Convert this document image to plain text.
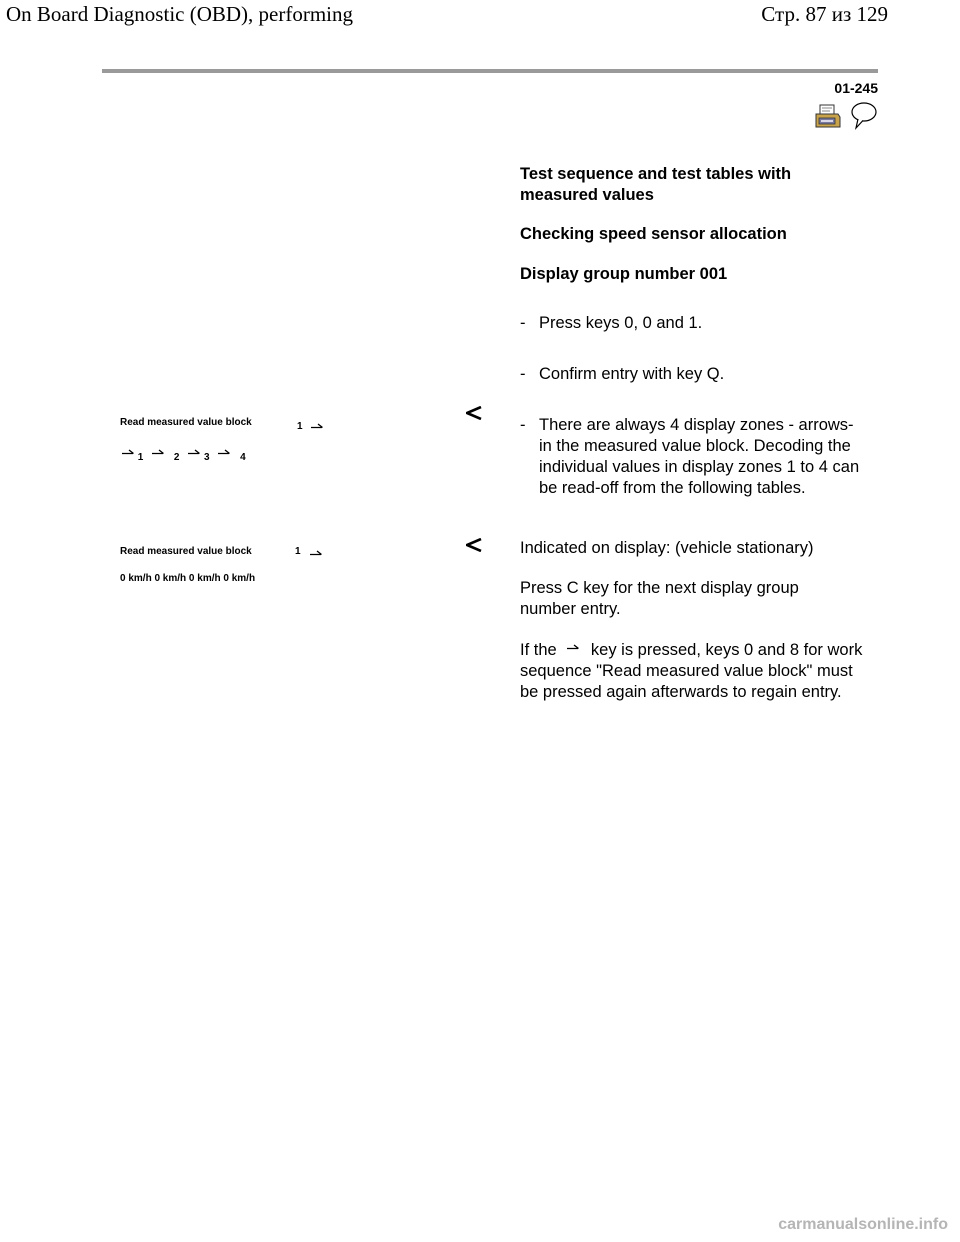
On Board Diagnostic (OBD), performing	Стр. 87 из 129
01-245
Test sequence and test tables with measured values
Checking speed sensor allocation
Display group number 001
- Press keys 0, 0 and 1.
- Confirm entry with key Q.
- There are always 4 display zones - arrows- in the measured value block. Decoding the individual values in display zones 1 to 4 can be read-off from the following tables.
Read measured value block	1
1	2 3	4
Indicated on display: (vehicle stationary)
Read measured value block	1
0 km/h 0 km/h 0 km/h 0 km/h
Press C key for the next display group number entry.
If the key is pressed, keys 0 and 8 for work sequence "Read measured value block" must be pressed again afterwards to regain entry.
carmanualsonline.info
